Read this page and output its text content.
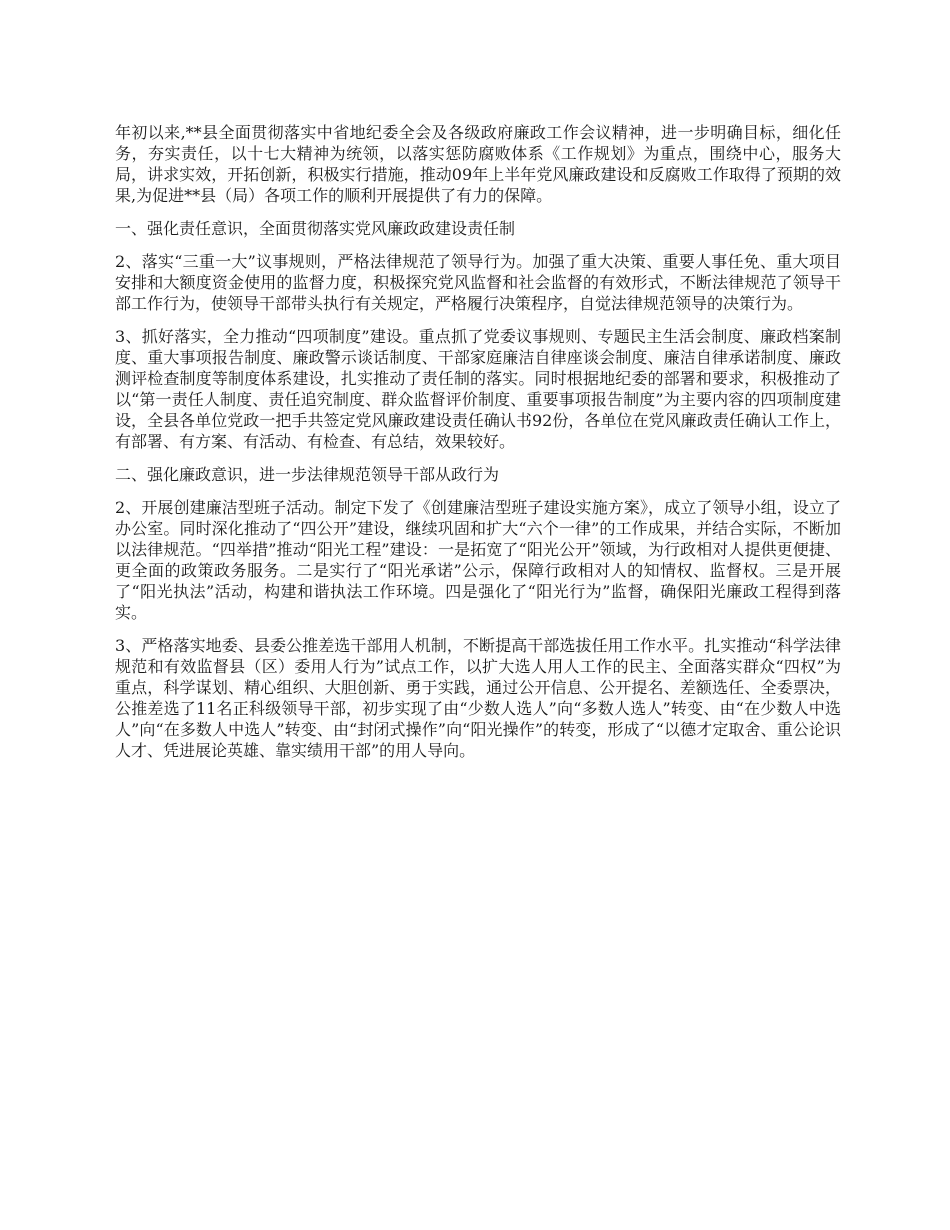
年初以来,**县全面贯彻落实中省地纪委全会及各级政府廉政工作会议精神，进一步明确目标，细化任务，夯实责任，以十七大精神为统领，以落实惩防腐败体系《工作规划》为重点，围绕中心，服务大局，讲求实效，开拓创新，积极实行措施，推动09年上半年党风廉政建设和反腐败工作取得了预期的效果,为促进**县（局）各项工作的顺利开展提供了有力的保障。

一、强化责任意识，全面贯彻落实党风廉政政建设责任制

2、落实“三重一大”议事规则，严格法律规范了领导行为。加强了重大决策、重要人事任免、重大项目安排和大额度资金使用的监督力度，积极探究党风监督和社会监督的有效形式，不断法律规范了领导干部工作行为，使领导干部带头执行有关规定，严格履行决策程序，自觉法律规范领导的决策行为。

3、抓好落实，全力推动“四项制度”建设。重点抓了党委议事规则、专题民主生活会制度、廉政档案制度、重大事项报告制度、廉政警示谈话制度、干部家庭廉洁自律座谈会制度、廉洁自律承诺制度、廉政测评检查制度等制度体系建设，扎实推动了责任制的落实。同时根据地纪委的部署和要求，积极推动了以“第一责任人制度、责任追究制度、群众监督评价制度、重要事项报告制度”为主要内容的四项制度建设，全县各单位党政一把手共签定党风廉政建设责任确认书92份，各单位在党风廉政责任确认工作上，有部署、有方案、有活动、有检查、有总结，效果较好。

二、强化廉政意识，进一步法律规范领导干部从政行为

2、开展创建廉洁型班子活动。制定下发了《创建廉洁型班子建设实施方案》，成立了领导小组，设立了办公室。同时深化推动了“四公开”建设，继续巩固和扩大“六个一律”的工作成果，并结合实际，不断加以法律规范。“四举措”推动“阳光工程”建设：一是拓宽了“阳光公开”领域，为行政相对人提供更便捷、更全面的政策政务服务。二是实行了“阳光承诺”公示，保障行政相对人的知情权、监督权。三是开展了“阳光执法”活动，构建和谐执法工作环境。四是强化了“阳光行为”监督，确保阳光廉政工程得到落实。

3、严格落实地委、县委公推差选干部用人机制，不断提高干部选拔任用工作水平。扎实推动“科学法律规范和有效监督县（区）委用人行为”试点工作，以扩大选人用人工作的民主、全面落实群众“四权”为重点，科学谋划、精心组织、大胆创新、勇于实践，通过公开信息、公开提名、差额选任、全委票决，公推差选了11名正科级领导干部，初步实现了由“少数人选人”向“多数人选人”转变、由“在少数人中选人”向“在多数人中选人”转变、由“封闭式操作”向“阳光操作”的转变，形成了“以德才定取舍、重公论识人才、凭进展论英雄、靠实绩用干部”的用人导向。
